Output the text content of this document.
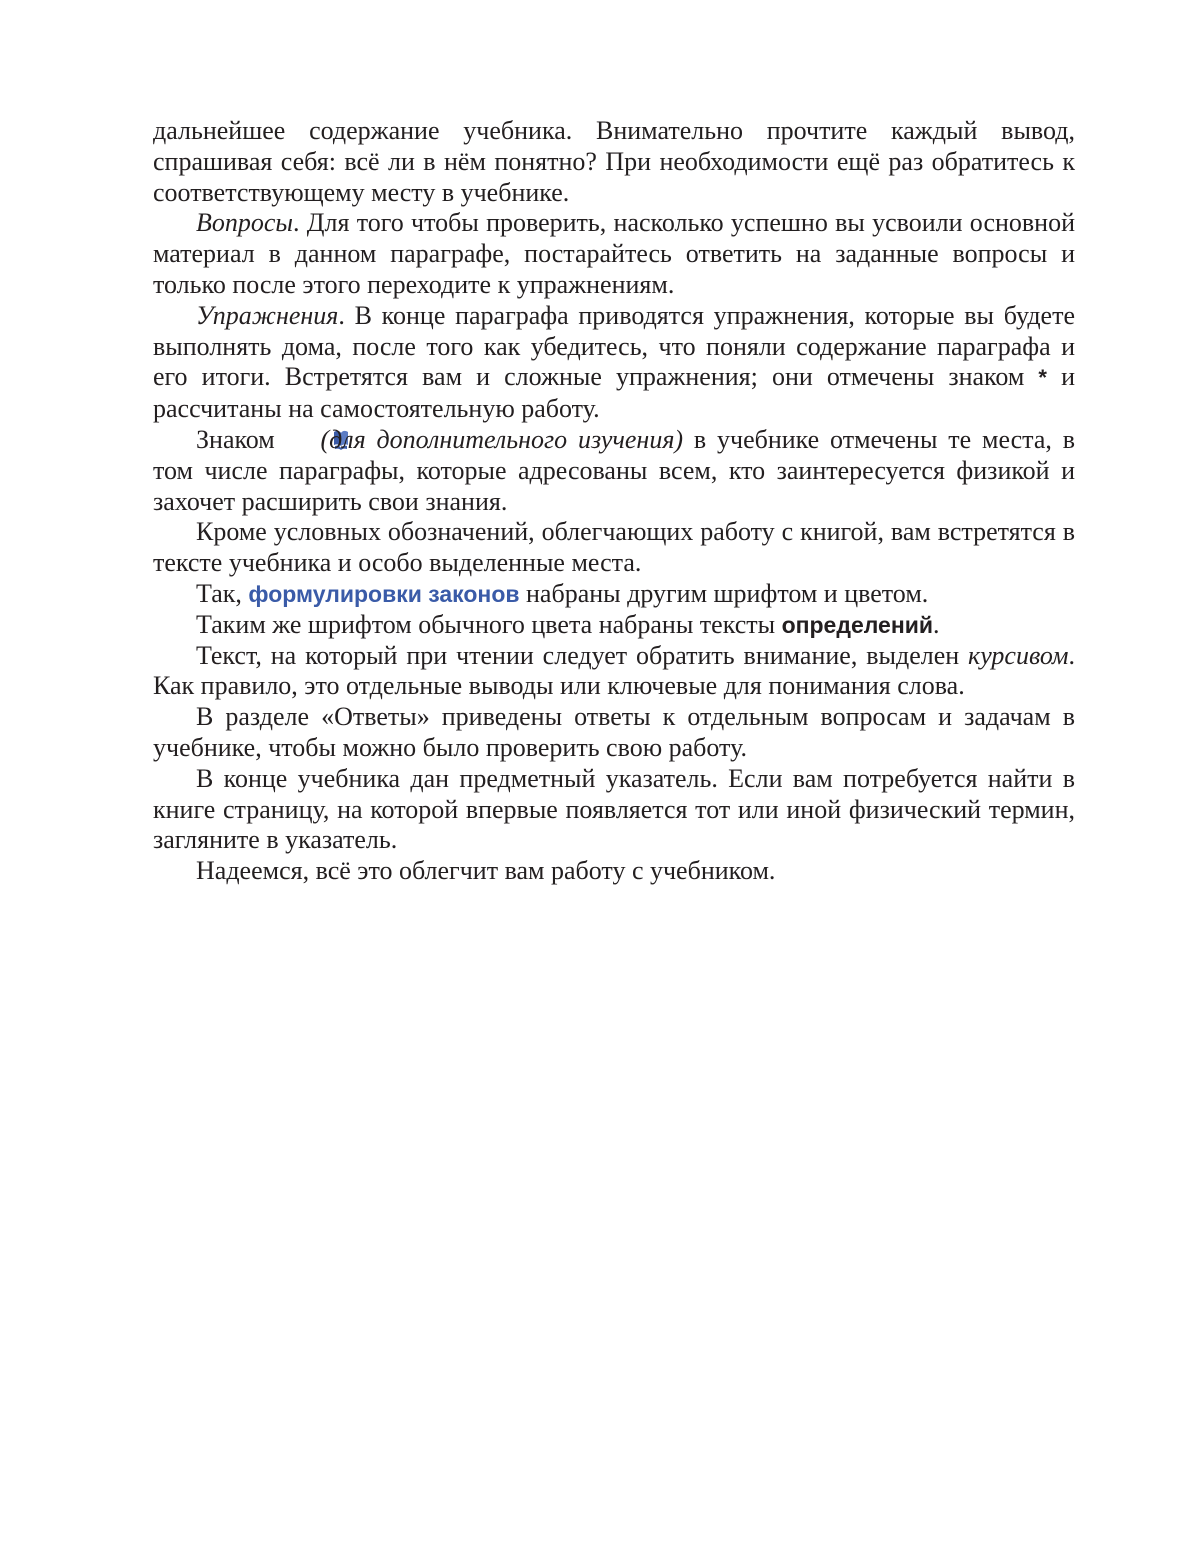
дальнейшее содержание учебника. Внимательно прочтите каждый вывод, спрашивая себя: всё ли в нём понятно? При необходимости ещё раз обратитесь к соответствующему месту в учебнике.

Вопросы. Для того чтобы проверить, насколько успешно вы усвоили основной материал в данном параграфе, постарайтесь ответить на заданные вопросы и только после этого переходите к упражнениям.

Упражнения. В конце параграфа приводятся упражнения, которые вы будете выполнять дома, после того как убедитесь, что поняли содержание параграфа и его итоги. Встретятся вам и сложные упражнения; они отмечены знаком * и рассчитаны на самостоятельную работу.

Знаком  (для дополнительного изучения) в учебнике отмечены те места, в том числе параграфы, которые адресованы всем, кто заинтересуется физикой и захочет расширить свои знания.

Кроме условных обозначений, облегчающих работу с книгой, вам встретятся в тексте учебника и особо выделенные места.

Так, формулировки законов набраны другим шрифтом и цветом.

Таким же шрифтом обычного цвета набраны тексты определений.

Текст, на который при чтении следует обратить внимание, выделен курсивом. Как правило, это отдельные выводы или ключевые для понимания слова.

В разделе «Ответы» приведены ответы к отдельным вопросам и задачам в учебнике, чтобы можно было проверить свою работу.

В конце учебника дан предметный указатель. Если вам потребуется найти в книге страницу, на которой впервые появляется тот или иной физический термин, загляните в указатель.

Надеемся, всё это облегчит вам работу с учебником.
